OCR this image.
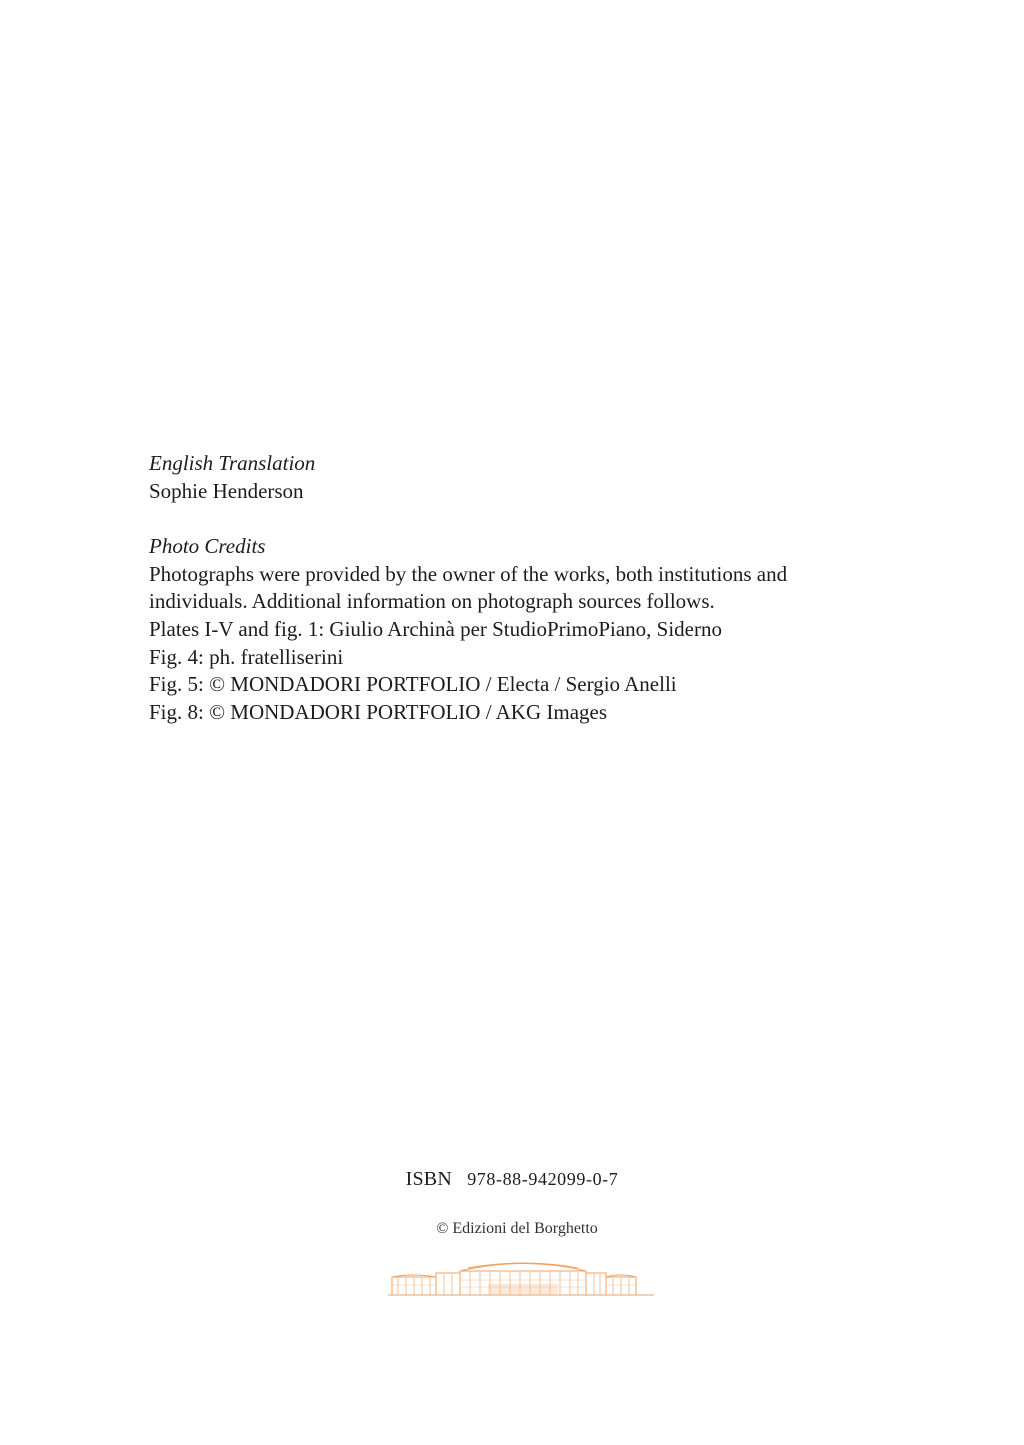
English Translation

Sophie Henderson

Photo Credits

Photographs were provided by the owner of the works, both institutions and

individuals. Additional information on photograph sources follows.

Plates I-V and fig. 1: Giulio Archinà per StudioPrimoPiano, Siderno

Fig. 4: ph. fratelliserini

Fig. 5: © MONDADORI PORTFOLIO / Electa / Sergio Anelli

Fig. 8: © MONDADORI PORTFOLIO / AKG Images

ISBN 978-88-942099-0-7
© Edizioni del Borghetto
